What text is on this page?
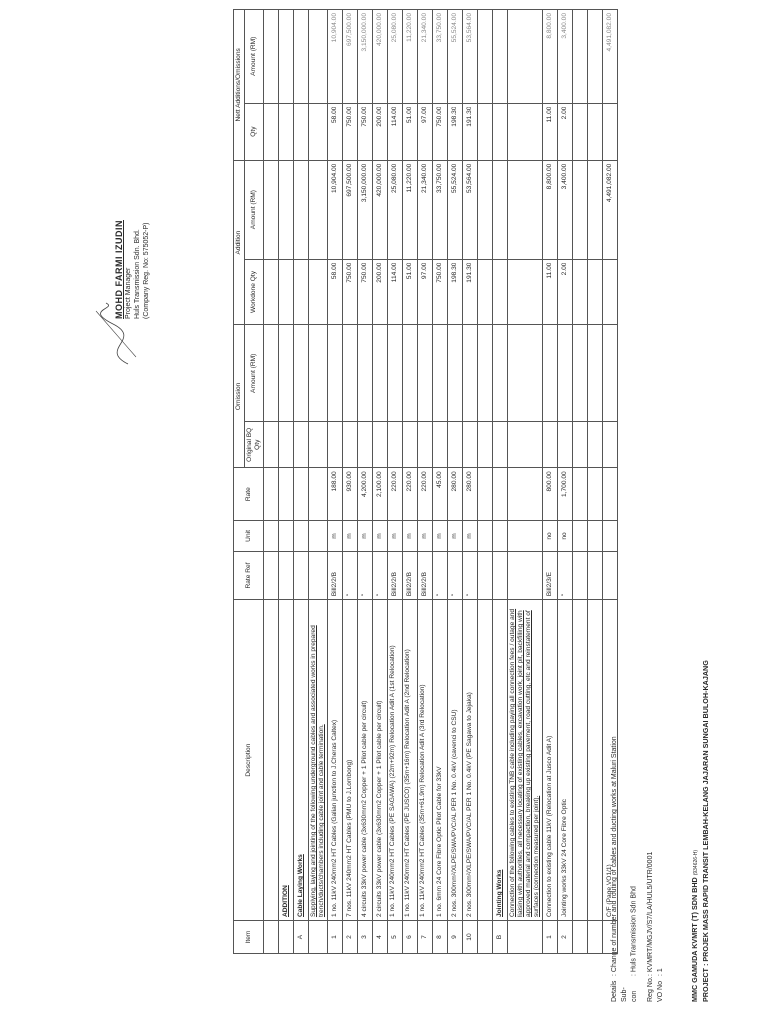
MMC GAMUDA KVMRT (T) SDN BHD (934626-H) PROJECT : PROJEK MASS RAPID TRANSIT LEMBAH-KELANG JAJARAN SUNGAI BULOH-KAJANG
VO No: 1
Reg No.: KVMRT/MGJV/S7/LA/HUL5/UTR/0001
Sub-con: Huls Transmission Sdn Bhd
Details: Change of number and routing of cables and ducting works at Maluri Station
MOHD FARMI IZUDIN Project Manager Huls Transmission Sdn. Bhd. (Company Reg. No: 575052-P)
Item	Description	Rate Ref	Unit	Rate	Omission		Addition		Nett Additions/Omissions	
					Original BQ Qty	Amount (RM)	Workdone Qty	Amount (RM)	Qty	Amount (RM)

	ADDITION									

A	Cable Laying Works									

	Supplying, laying and jointing of the following underground cables and associated works in prepared trench/ducts/chambers including cable joint and cable termination.									

1	1 no. 11kV 240mm2 HT Cables (Galian junction to J.Cheras Caltex)	Bill2/2/B	m	188.00			58.00	10,904.00	58.00	10,904.00

2	7 nos. 11kV 240mm2 HT Cables (PMU to J.Lombong)	"	m	930.00			750.00	697,500.00	750.00	697,500.00

3	4 circuits 33kV power cable (3x630mm2 Copper + 1 Pilot cable per circuit)	"	m	4,200.00			750.00	3,150,000.00	750.00	3,150,000.00

4	2 circuits 33kV power cable (3x630mm2 Copper + 1 Pilot cable per circuit)	"	m	2,100.00			200.00	420,000.00	200.00	420,000.00

5	1 no. 11kV 240mm2 HT Cables (PE SAGAWA) (22m+92m) Relocation Adit A (1st Relocation)	Bill2/2/B	m	220.00			114.00	25,080.00	114.00	25,080.00

6	1 no. 11kV 240mm2 HT Cables (PE JUSCO) (35m+16m) Relocation Adit A (2nd Relocation)	Bill2/2/B	m	220.00			51.00	11,220.00	51.00	11,220.00

7	1 no. 11kV 240mm2 HT Cables (35m+61.9m) Relocation Adit A (3rd Relocation)	Bill2/2/B	m	220.00			97.00	21,340.00	97.00	21,340.00

8	1 no. 6mm 24 Core Fibre Optic Pilot Cable for 33kV	"	m	45.00			750.00	33,750.00	750.00	33,750.00

9	2 nos. 300mm²/XLPE/SWA/PVC/AL PER 1 No. 0.4kV (cavenci to CSU)	"	m	280.00			198.30	55,524.00	198.30	55,524.00

10	2 nos. 300mm²/XLPE/SWA/PVC/AL PER 1 No. 0.4kV (PE Sagawa to Jejaka)	"	m	280.00			191.30	53,564.00	191.30	53,564.00

B	Jointing Works									

	Connection of the following cables to existing TNB cable including paying all connection fees / outage and liaising with authorities, all necessary locating of existing cables, excavation work, joint pit, backfilling with approved material and compaction, breaking up existing pavement, road cutting, etc and reinstatement of surfaces (connection measured per joint).									

1	Connection to existing cable 11kV (Relocation at Jusco Adit A)	Bill2/3/E	no	800.00			11.00	8,800.00	11.00	8,800.00

2	Jointing works 33kV 24 Core Fibre Optic	"	no	1,700.00			2.00	3,400.00	2.00	3,400.00

	C/F (Page VO1/1)							4,491,082.00		4,491,082.00
